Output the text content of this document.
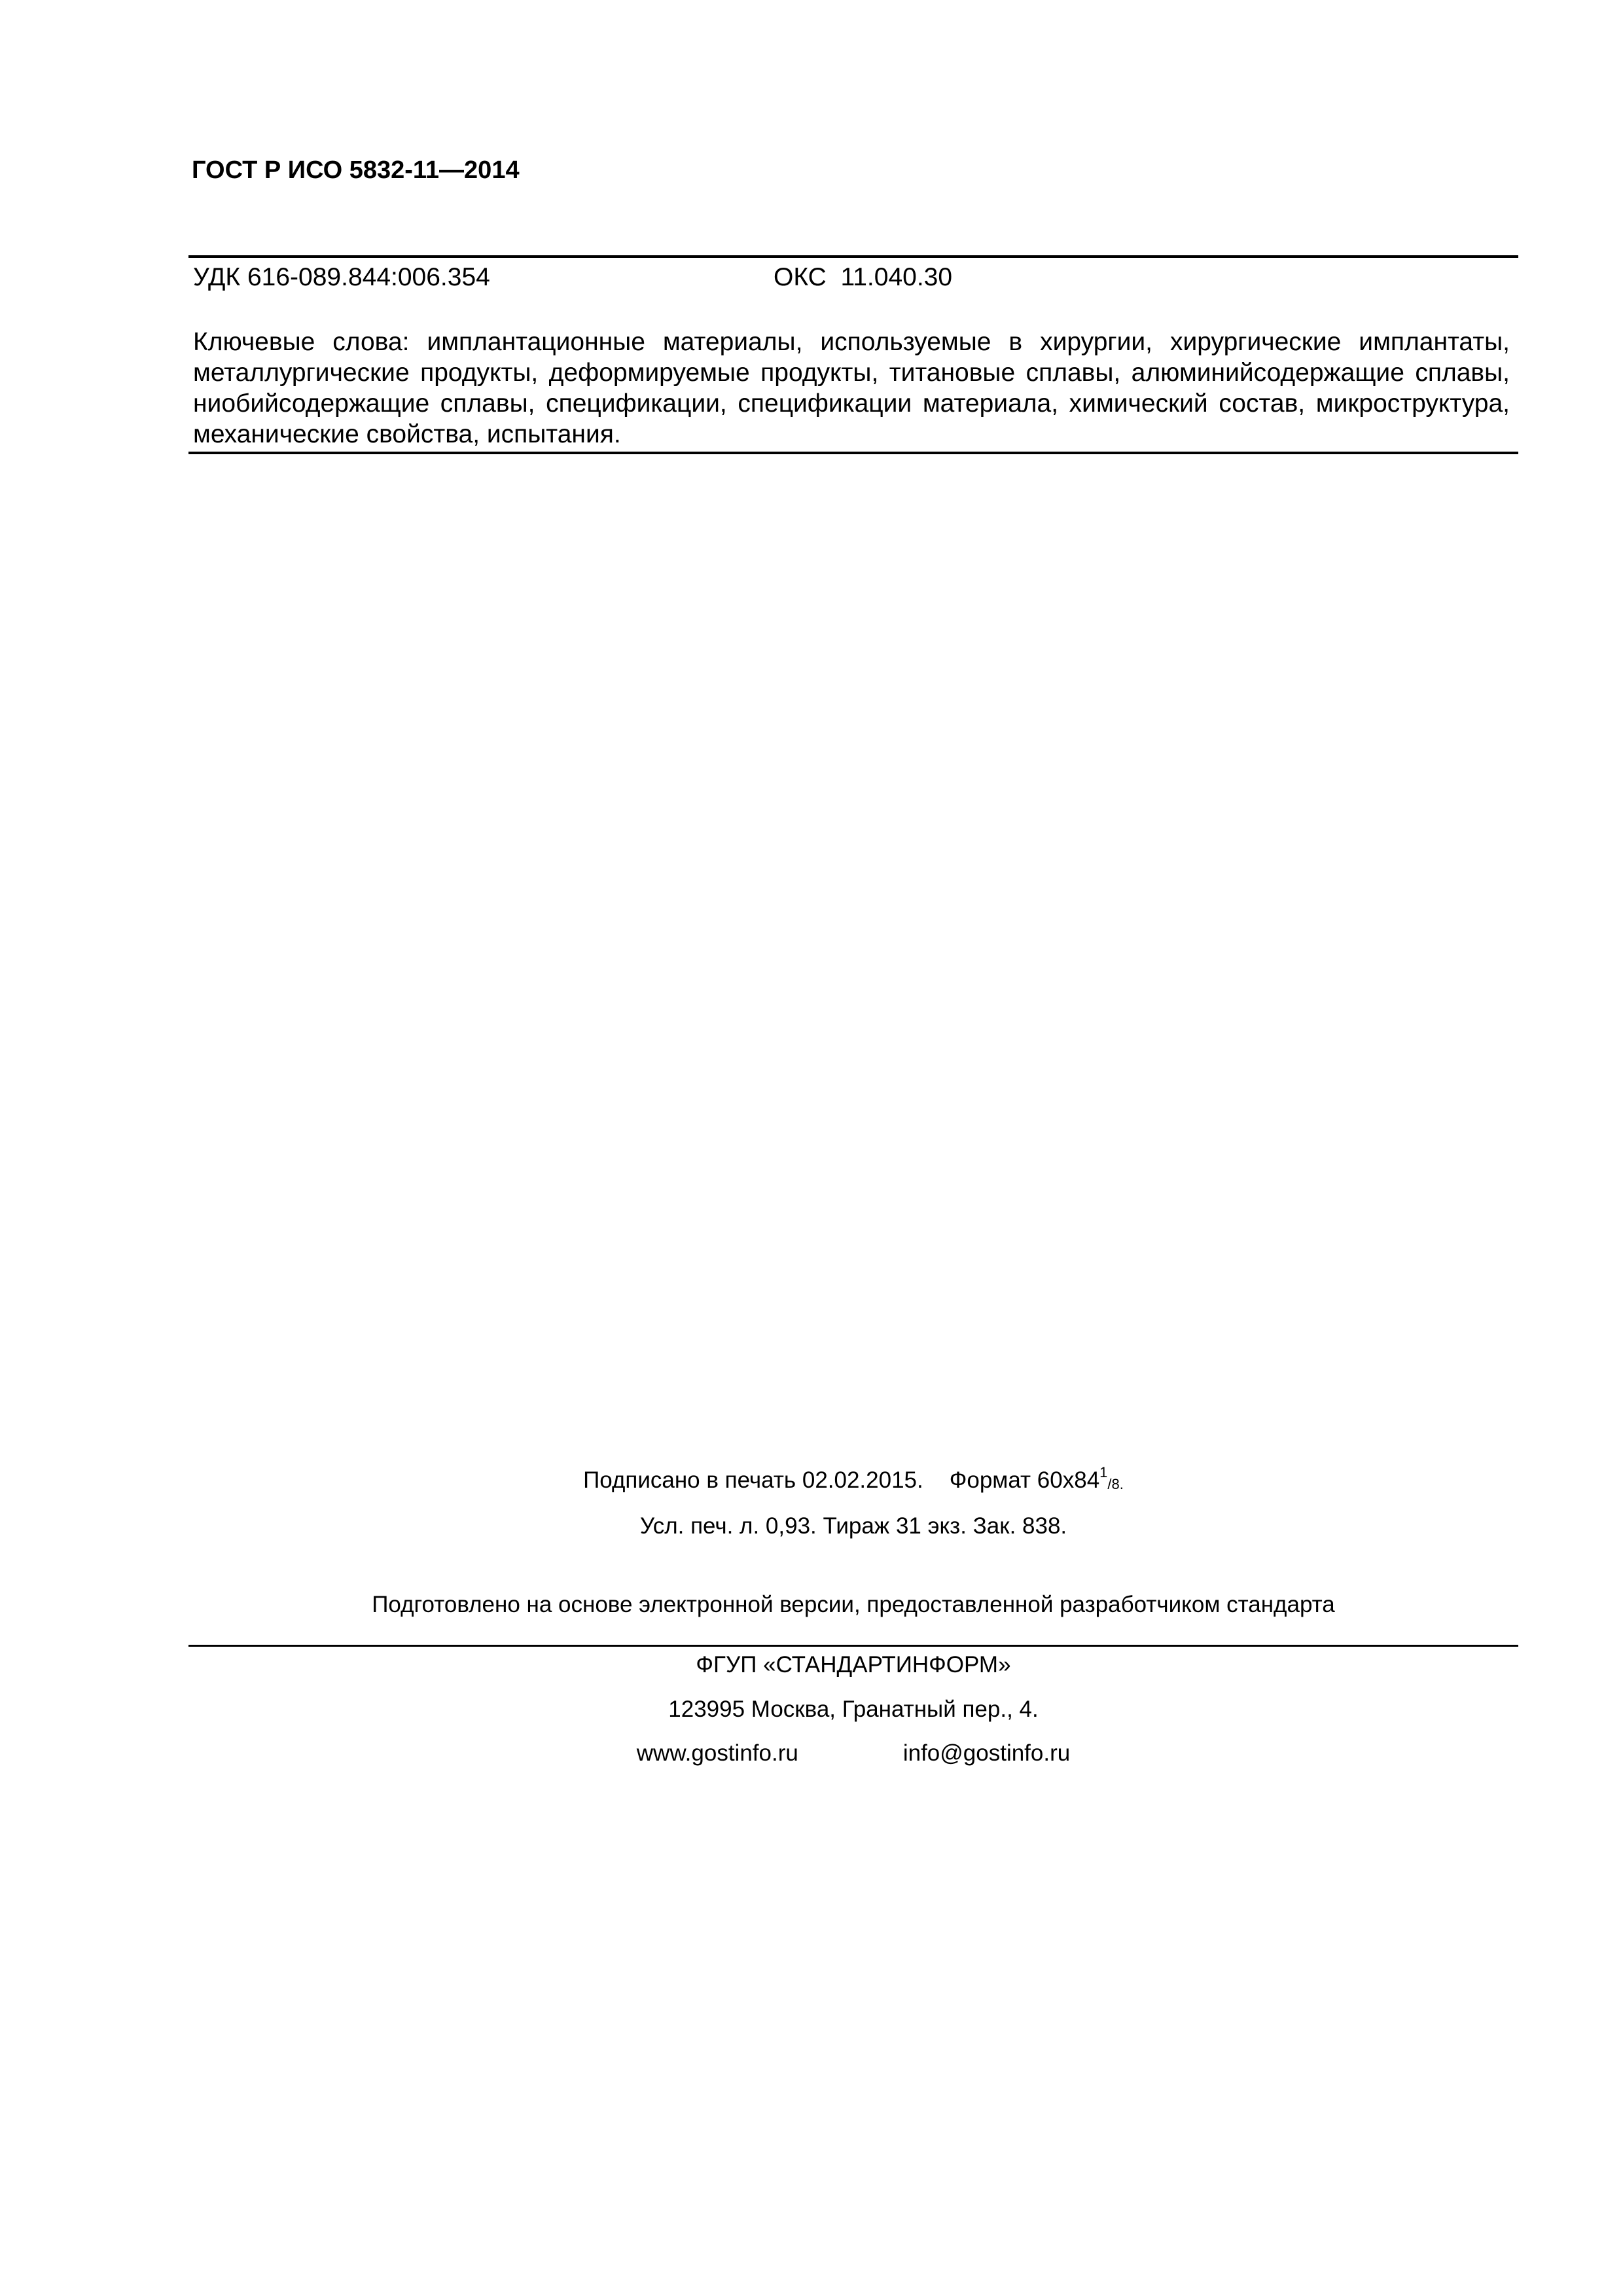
ГОСТ Р ИСО 5832-11—2014
УДК 616-089.844:006.354	ОКС  11.040.30

Ключевые слова: имплантационные материалы, используемые в хирургии, хирургические имплантаты, металлургические продукты, деформируемые продукты, титановые сплавы, алюминийсодержащие сплавы, ниобийсодержащие сплавы, спецификации, спецификации материала, химический состав, микроструктура, механические свойства, испытания.

Подписано в печать 02.02.2015. Формат $60х84^1_{/8.}$

Усл. печ. л. 0,93. Тираж 31 экз. Зак. 838.

Подготовлено на основе электронной версии, предоставленной разработчиком стандарта

ФГУП «СТАНДАРТИНФОРМ»

123995 Москва, Гранатный пер., 4.

www.gostinfo.ru	info@gostinfo.ru
